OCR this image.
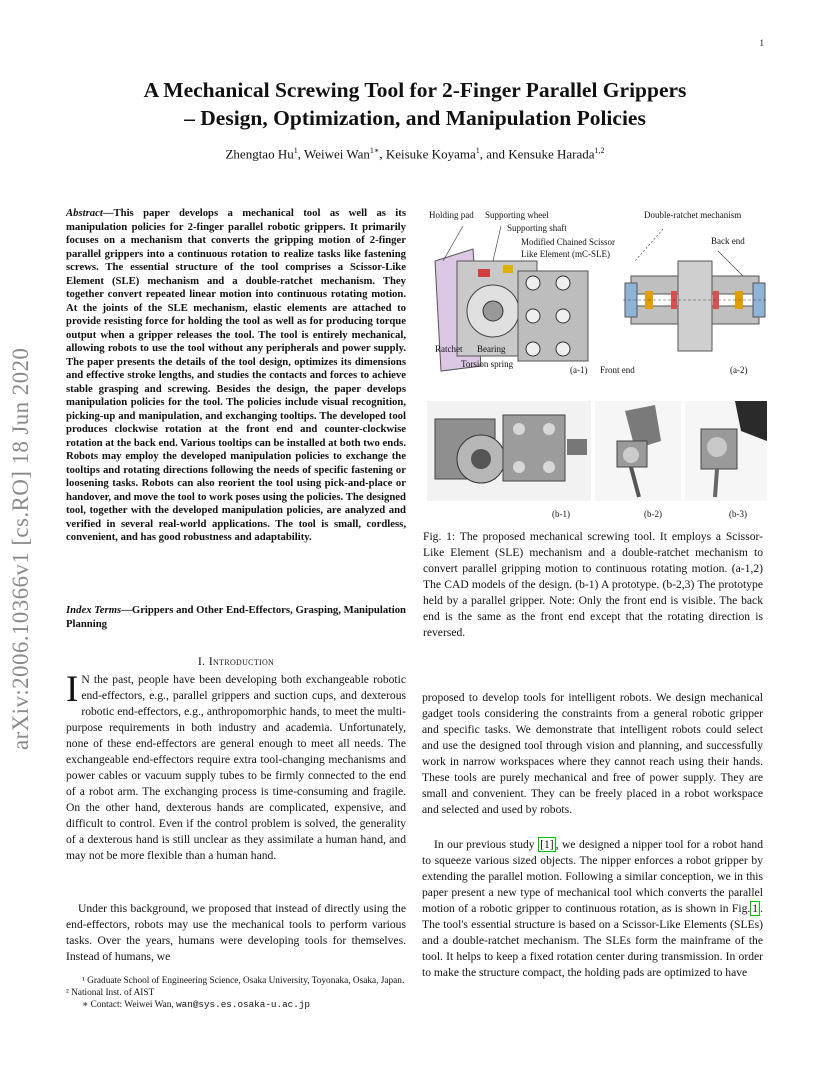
1
arXiv:2006.10366v1 [cs.RO] 18 Jun 2020
A Mechanical Screwing Tool for 2-Finger Parallel Grippers
– Design, Optimization, and Manipulation Policies
Zhengtao Hu$^1$, Weiwei Wan$^{1∗}$, Keisuke Koyama$^1$, and Kensuke Harada$^{1,2}$
Abstract—This paper develops a mechanical tool as well as its manipulation policies for 2-finger parallel robotic grippers. It primarily focuses on a mechanism that converts the gripping motion of 2-finger parallel grippers into a continuous rotation to realize tasks like fastening screws. The essential structure of the tool comprises a Scissor-Like Element (SLE) mechanism and a double-ratchet mechanism. They together convert repeated linear motion into continuous rotating motion. At the joints of the SLE mechanism, elastic elements are attached to provide resisting force for holding the tool as well as for producing torque output when a gripper releases the tool. The tool is entirely mechanical, allowing robots to use the tool without any peripherals and power supply. The paper presents the details of the tool design, optimizes its dimensions and effective stroke lengths, and studies the contacts and forces to achieve stable grasping and screwing. Besides the design, the paper develops manipulation policies for the tool. The policies include visual recognition, picking-up and manipulation, and exchanging tooltips. The developed tool produces clockwise rotation at the front end and counter-clockwise rotation at the back end. Various tooltips can be installed at both two ends. Robots may employ the developed manipulation policies to exchange the tooltips and rotating directions following the needs of specific fastening or loosening tasks. Robots can also reorient the tool using pick-and-place or handover, and move the tool to work poses using the policies. The designed tool, together with the developed manipulation policies, are analyzed and verified in several real-world applications. The tool is small, cordless, convenient, and has good robustness and adaptability.
Index Terms—Grippers and Other End-Effectors, Grasping, Manipulation Planning
I. Introduction
I N the past, people have been developing both exchangeable robotic end-effectors, e.g., parallel grippers and suction cups, and dexterous robotic end-effectors, e.g., anthropomorphic hands, to meet the multi-purpose requirements in both industry and academia. Unfortunately, none of these end-effectors are general enough to meet all needs. The exchangeable end-effectors require extra tool-changing mechanisms and power cables or vacuum supply tubes to be firmly connected to the end of a robot arm. The exchanging process is time-consuming and fragile. On the other hand, dexterous hands are complicated, expensive, and difficult to control. Even if the control problem is solved, the generality of a dexterous hand is still unclear as they assimilate a human hand, and may not be more flexible than a human hand.
Under this background, we proposed that instead of directly using the end-effectors, robots may use the mechanical tools to perform various tasks. Over the years, humans were developing tools for themselves. Instead of humans, we
¹ Graduate School of Engineering Science, Osaka University, Toyonaka, Osaka, Japan. ² National Inst. of AIST
∗ Contact: Weiwei Wan, wan@sys.es.osaka-u.ac.jp
Holding pad Supporting wheel
Supporting shaft
Modified Chained Scissor
Like Element (mC-SLE)
Double-ratchet mechanism
Back end
Ratchet Bearing
Torsion spring
(a-1) Front end	(a-2)
(b-1)	(b-2)	(b-3)
Fig. 1: The proposed mechanical screwing tool. It employs a Scissor-Like Element (SLE) mechanism and a double-ratchet mechanism to convert parallel gripping motion to continuous rotating motion. (a-1,2) The CAD models of the design. (b-1) A prototype. (b-2,3) The prototype held by a parallel gripper. Note: Only the front end is visible. The back end is the same as the front end except that the rotating direction is reversed.
proposed to develop tools for intelligent robots. We design mechanical gadget tools considering the constraints from a general robotic gripper and specific tasks. We demonstrate that intelligent robots could select and use the designed tool through vision and planning, and successfully work in narrow workspaces where they cannot reach using their hands. These tools are purely mechanical and free of power supply. They are small and convenient. They can be freely placed in a robot workspace and selected and used by robots.
In our previous study [1] , we designed a nipper tool for a robot hand to squeeze various sized objects. The nipper enforces a robot gripper by extending the parallel motion. Following a similar conception, we in this paper present a new type of mechanical tool which converts the parallel motion of a robotic gripper to continuous rotation, as is shown in Fig. 1 . The tool's essential structure is based on a Scissor-Like Elements (SLEs) and a double-ratchet mechanism. The SLEs form the mainframe of the tool. It helps to keep a fixed rotation center during transmission. In order to make the structure compact, the holding pads are optimized to have
